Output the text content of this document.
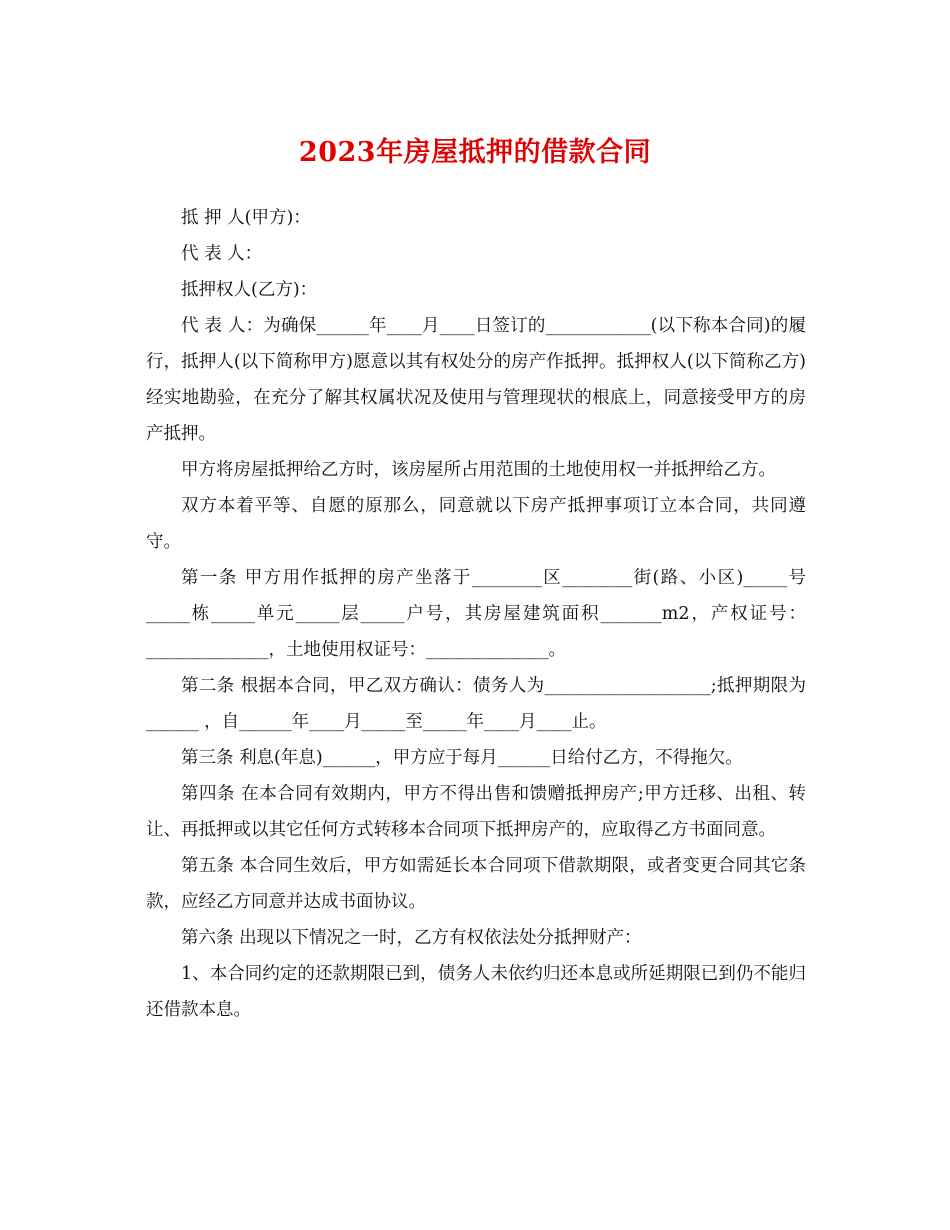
2023年房屋抵押的借款合同

抵 押 人(甲方)：

代 表 人：

抵押权人(乙方)：

代 表 人：为确保______年____月____日签订的____________(以下称本合同)的履行，抵押人(以下简称甲方)愿意以其有权处分的房产作抵押。抵押权人(以下简称乙方)经实地勘验，在充分了解其权属状况及使用与管理现状的根底上，同意接受甲方的房产抵押。

甲方将房屋抵押给乙方时，该房屋所占用范围的土地使用权一并抵押给乙方。

双方本着平等、自愿的原那么，同意就以下房产抵押事项订立本合同，共同遵守。

第一条 甲方用作抵押的房产坐落于________区________街(路、小区)_____号_____栋_____单元_____层_____户号，其房屋建筑面积_______m2，产权证号：______________，土地使用权证号：______________。

第二条 根据本合同，甲乙双方确认：债务人为___________________;抵押期限为______ ，自______年____月_____至_____年____月____止。

第三条 利息(年息)______，甲方应于每月______日给付乙方，不得拖欠。

第四条 在本合同有效期内，甲方不得出售和馈赠抵押房产;甲方迁移、出租、转让、再抵押或以其它任何方式转移本合同项下抵押房产的，应取得乙方书面同意。

第五条 本合同生效后，甲方如需延长本合同项下借款期限，或者变更合同其它条款，应经乙方同意并达成书面协议。

第六条 出现以下情况之一时，乙方有权依法处分抵押财产：

1、本合同约定的还款期限已到，债务人未依约归还本息或所延期限已到仍不能归还借款本息。
